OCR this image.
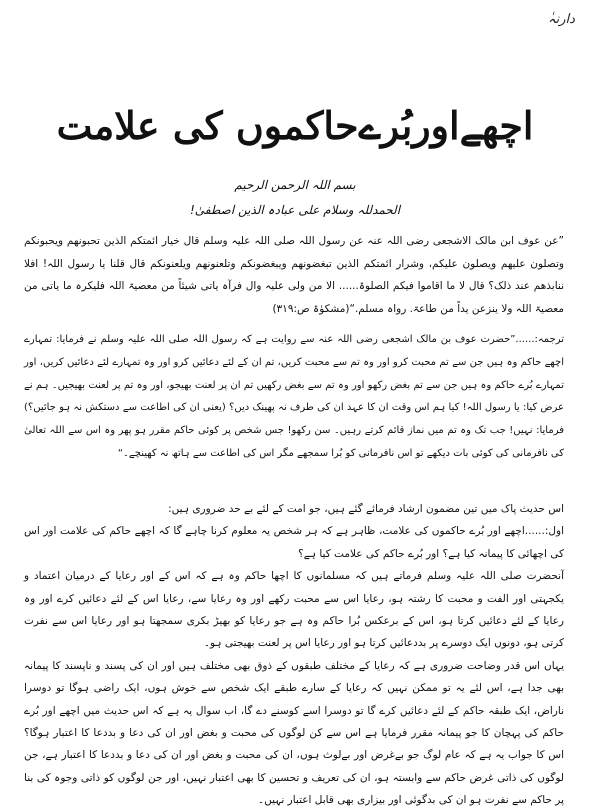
ٰدارنہ
اچھےاوربُرےحاکموں کی علامت
بسم اللہ الرحمن الرحیم
الحمدللہ وسلام علی عبادہ الذین اصطفیٰ!
”عن عوف ابن مالک الاشجعی رضی اللہ عنہ عن رسول اللہ صلی اللہ علیہ وسلم قال خیار ائمتکم الذین تحبونھم ویحبونکم وتصلون علیھم ویصلون علیکم، وشرار ائمتکم الذین تبغضونھم ویبغضونکم وتلعنونھم ویلعنونکم قال قلنا یا رسول اللہ! افلا ننابذھم عند ذلک؟ قال لا ما اقاموا فیکم الصلوۃ...... الا من ولی علیہ وال فرآہ یاتی شیئاً من معصیۃ اللہ فلیکرہ ما یاتی من معصیۃ اللہ ولا ینزعن یداً من طاعۃ. رواہ مسلم.“(مشکوٰۃ ص:۳۱۹)
ترجمہ:......”حضرت عوف بن مالک اشجعی رضی اللہ عنہ سے روایت ہے کہ رسول اللہ صلی اللہ علیہ وسلم نے فرمایا: تمہارے اچھے حاکم وہ ہیں جن سے تم محبت کرو اور وہ تم سے محبت کریں، تم ان کے لئے دعائیں کرو اور وہ تمہارے لئے دعائیں کریں، اور تمہارے بُرے حاکم وہ ہیں جن سے تم بغض رکھو اور وہ تم سے بغض رکھیں تم ان پر لعنت بھیجو، اور وہ تم پر لعنت بھیجیں۔ ہم نے عرض کیا: یا رسول اللہ! کیا ہم اس وقت ان کا عہد ان کی طرف نہ پھینک دیں؟ (یعنی ان کی اطاعت سے دستکش نہ ہو جائیں؟) فرمایا: نہیں! جب تک وہ تم میں نماز قائم کرتے رہیں۔ سن رکھو! جس شخص پر کوئی حاکم مقرر ہو پھر وہ اس سے اللہ تعالیٰ کی نافرمانی کی کوئی بات دیکھے تو اس نافرمانی کو بُرا سمجھے مگر اس کی اطاعت سے ہاتھ نہ کھینچے۔“

اس حدیث پاک میں تین مضمون ارشاد فرمائے گئے ہیں، جو امت کے لئے بے حد ضروری ہیں:

اول:......اچھے اور بُرے حاکموں کی علامت، ظاہر ہے کہ ہر شخص یہ معلوم کرنا چاہے گا کہ اچھے حاکم کی علامت اور اس کی اچھائی کا پیمانہ کیا ہے؟ اور بُرے حاکم کی علامت کیا ہے؟

آنحضرت صلی اللہ علیہ وسلم فرماتے ہیں کہ مسلمانوں کا اچھا حاکم وہ ہے کہ اس کے اور رعایا کے درمیان اعتماد و یکجہتی اور الفت و محبت کا رشتہ ہو، رعایا اس سے محبت رکھے اور وہ رعایا سے، رعایا اس کے لئے دعائیں کرے اور وہ رعایا کے لئے دعائیں کرتا ہو، اس کے برعکس بُرا حاکم وہ ہے جو رعایا کو بھیڑ بکری سمجھتا ہو اور رعایا اس سے نفرت کرتی ہو، دونوں ایک دوسرے پر بددعائیں کرتا ہو اور رعایا اس پر لعنت بھیجتی ہو۔

یہاں اس قدر وضاحت ضروری ہے کہ رعایا کے مختلف طبقوں کے ذوق بھی مختلف ہیں اور ان کی پسند و ناپسند کا پیمانہ بھی جدا ہے، اس لئے یہ تو ممکن نہیں کہ رعایا کے سارے طبقے ایک شخص سے خوش ہوں، ایک راضی ہوگا تو دوسرا ناراض، ایک طبقہ حاکم کے لئے دعائیں کرے گا تو دوسرا اسے کوسنے دے گا، اب سوال یہ ہے کہ اس حدیث میں اچھے اور بُرے حاکم کی پہچان کا جو پیمانہ مقرر فرمایا ہے اس سے کن لوگوں کی محبت و بغض اور ان کی دعا و بددعا کا اعتبار ہوگا؟ اس کا جواب یہ ہے کہ عام لوگ جو بےغرض اور بےلوث ہوں، ان کی محبت و بغض اور ان کی دعا و بددعا کا اعتبار ہے، جن لوگوں کی ذاتی غرض حاکم سے وابستہ ہو، ان کی تعریف و تحسین کا بھی اعتبار نہیں، اور جن لوگوں کو ذاتی وجوہ کی بنا پر حاکم سے نفرت ہو ان کی بدگوئی اور بیزاری بھی قابل اعتبار نہیں۔
